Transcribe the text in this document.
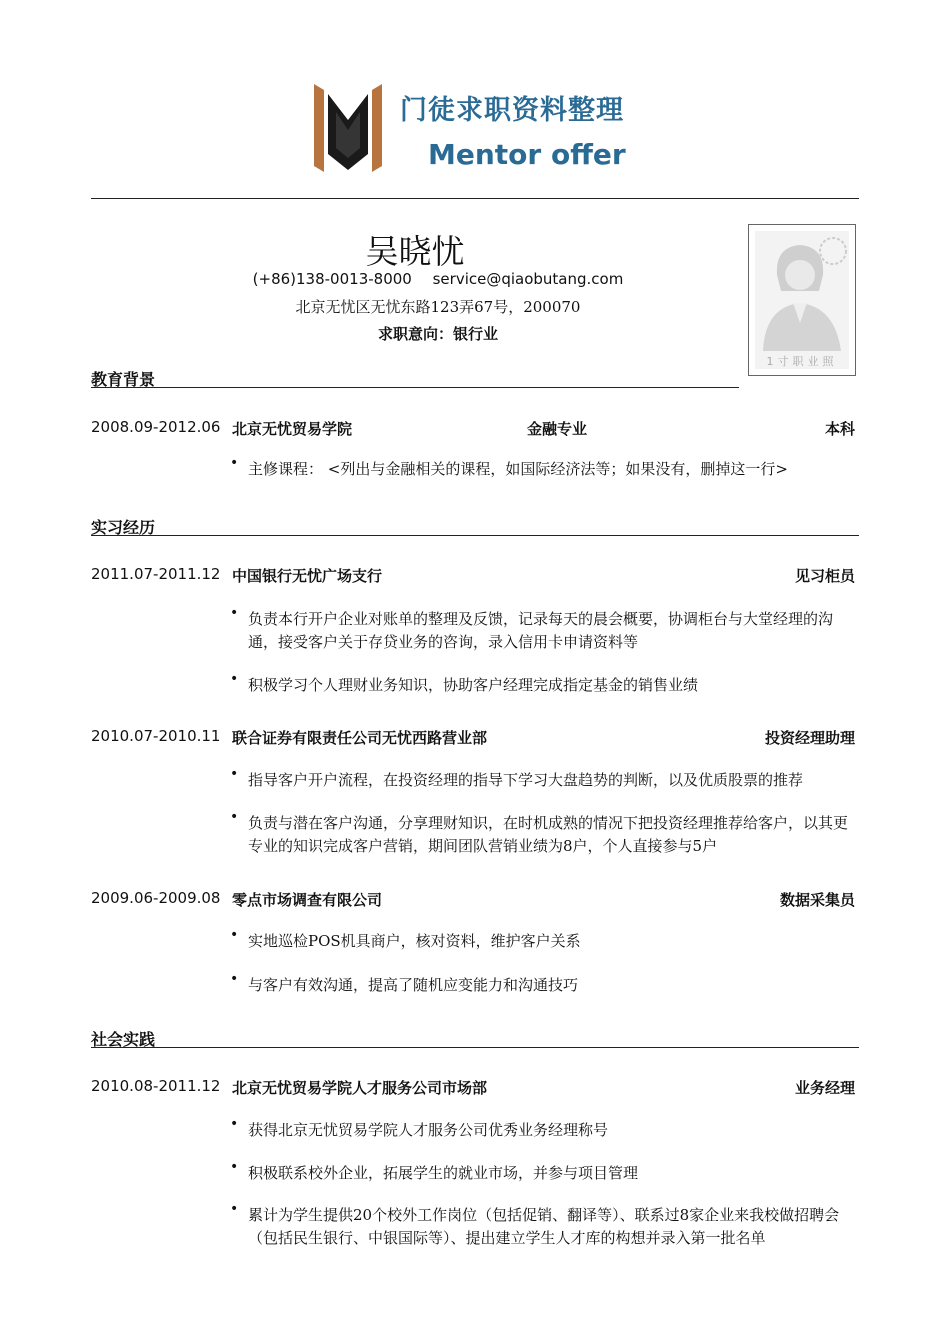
门徒求职资料整理
Mentor offer
吴晓忧
(+86)138-0013-8000 service@qiaobutang.com
北京无忧区无忧东路123弄67号，200070
求职意向：银行业
1寸职业照
教育背景
2008.09-2012.06 北京无忧贸易学院	金融专业	本科
• 主修课程： <列出与金融相关的课程，如国际经济法等；如果没有，删掉这一行>
实习经历
2011.07-2011.12 中国银行无忧广场支行	见习柜员
• 负责本行开户企业对账单的整理及反馈，记录每天的晨会概要，协调柜台与大堂经理的沟通，接受客户关于存贷业务的咨询，录入信用卡申请资料等
• 积极学习个人理财业务知识，协助客户经理完成指定基金的销售业绩
2010.07-2010.11 联合证券有限责任公司无忧西路营业部	投资经理助理
• 指导客户开户流程，在投资经理的指导下学习大盘趋势的判断，以及优质股票的推荐
• 负责与潜在客户沟通，分享理财知识，在时机成熟的情况下把投资经理推荐给客户，以其更专业的知识完成客户营销，期间团队营销业绩为8户，个人直接参与5户
2009.06-2009.08 零点市场调查有限公司	数据采集员
• 实地巡检POS机具商户，核对资料，维护客户关系
• 与客户有效沟通，提高了随机应变能力和沟通技巧
社会实践
2010.08-2011.12 北京无忧贸易学院人才服务公司市场部	业务经理
• 获得北京无忧贸易学院人才服务公司优秀业务经理称号
• 积极联系校外企业，拓展学生的就业市场，并参与项目管理
• 累计为学生提供20个校外工作岗位（包括促销、翻译等）、联系过8家企业来我校做招聘会（包括民生银行、中银国际等）、提出建立学生人才库的构想并录入第一批名单
